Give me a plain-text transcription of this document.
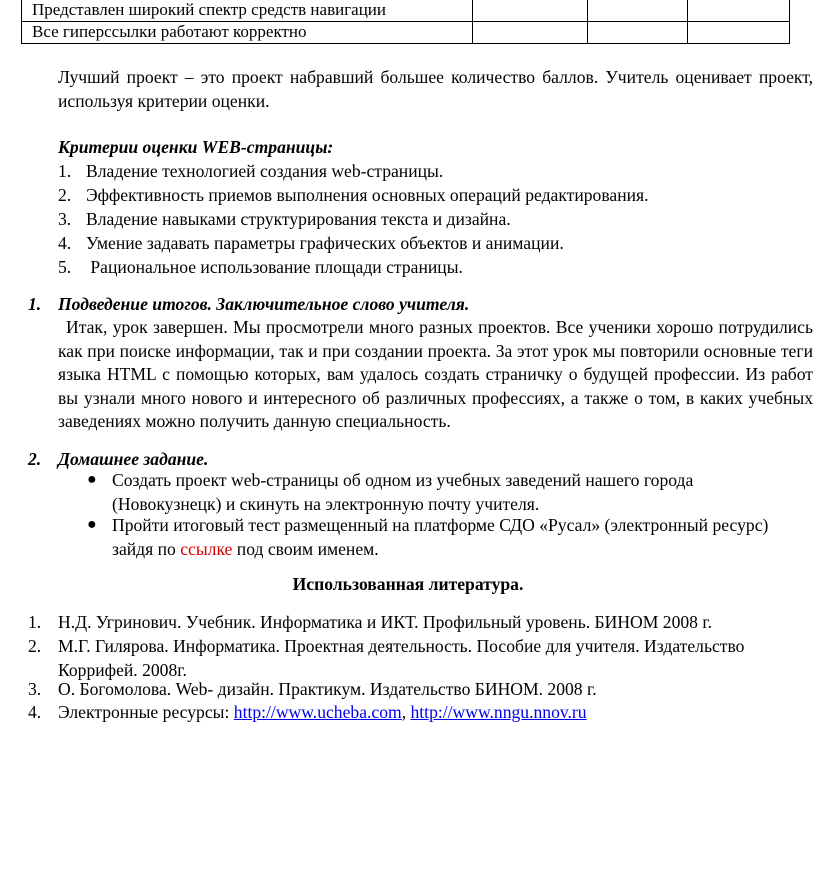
Представлен широкий спектр средств навигации			
Все гиперссылки работают корректно			

Лучший проект – это проект набравший большее количество баллов. Учитель оценивает проект, используя критерии оценки.

Критерии оценки WEB-страницы:
1. Владение технологией создания web-страницы.
2. Эффективность приемов выполнения основных операций редактирования.
3. Владение навыками структурирования текста и дизайна.
4. Умение задавать параметры графических объектов и анимации.
5. Рациональное использование площади страницы.
1. Подведение итогов. Заключительное слово учителя.

Итак, урок завершен. Мы просмотрели много разных проектов. Все ученики хорошо потрудились как при поиске информации, так и при создании проекта. За этот урок мы повторили основные теги языка HTML с помощью которых, вам удалось создать страничку о будущей профессии. Из работ вы узнали много нового и интересного об различных профессиях, а также о том, в каких учебных заведениях можно получить данную специальность.

2. Домашнее задание.
● Создать проект web-страницы об одном из учебных заведений нашего города (Новокузнецк) и скинуть на электронную почту учителя.

● Пройти итоговый тест размещенный на платформе СДО «Русал» (электронный ресурс) зайдя по ссылке под своим именем.

Использованная литература.
1. Н.Д. Угринович. Учебник. Информатика и ИКТ. Профильный уровень. БИНОМ 2008 г.
2. М.Г. Гилярова. Информатика. Проектная деятельность. Пособие для учителя. Издательство Коррифей. 2008г.
3. О. Богомолова. Web- дизайн. Практикум. Издательство БИНОМ. 2008 г.
4. Электронные ресурсы: http://www.ucheba.com, http://www.nngu.nnov.ru
